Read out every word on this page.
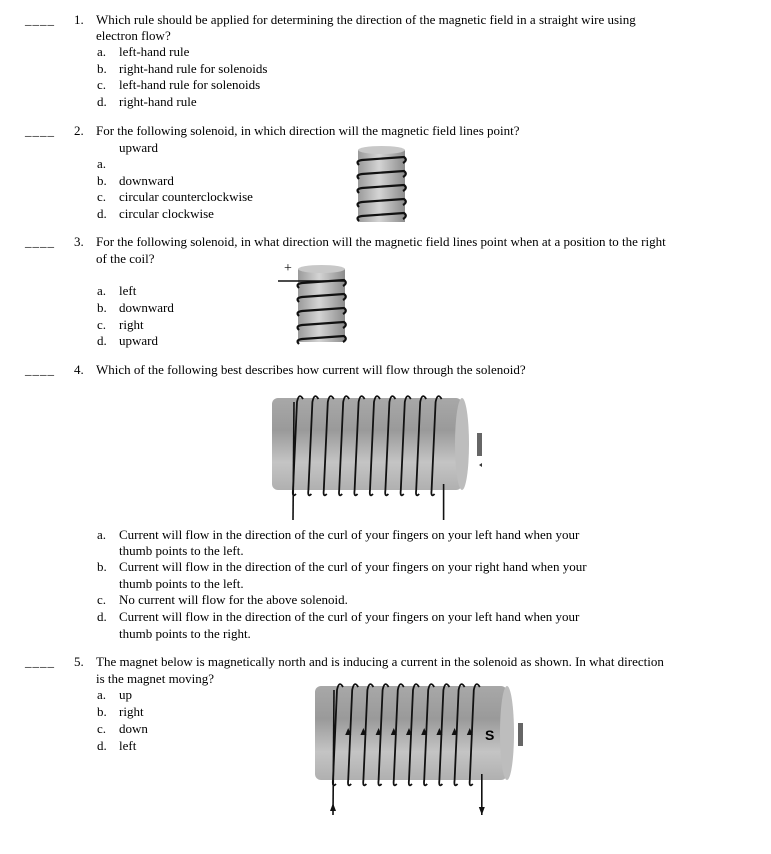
____ 1. Which rule should be applied for determining the direction of the magnetic field in a straight wire using
electron flow?
a. left-hand rule
b. right-hand rule for solenoids
c. left-hand rule for solenoids
d. right-hand rule
____ 2. For the following solenoid, in which direction will the magnetic field lines point?
a.
upward
b. downward
c. circular counterclockwise
d. circular clockwise
____ 3. For the following solenoid, in what direction will the magnetic field lines point when at a position to the right
of the coil?
a. left
b. downward
c. right
d. upward
+
____ 4. Which of the following best describes how current will flow through the solenoid?
a. Current will flow in the direction of the curl of your fingers on your left hand when your
thumb points to the left.
b. Current will flow in the direction of the curl of your fingers on your right hand when your
thumb points to the left.
c. No current will flow for the above solenoid.
d. Current will flow in the direction of the curl of your fingers on your left hand when your
thumb points to the right.
____ 5. The magnet below is magnetically north and is inducing a current in the solenoid as shown. In what direction
is the magnet moving?
a. up
b. right
c. down
d. left
S
